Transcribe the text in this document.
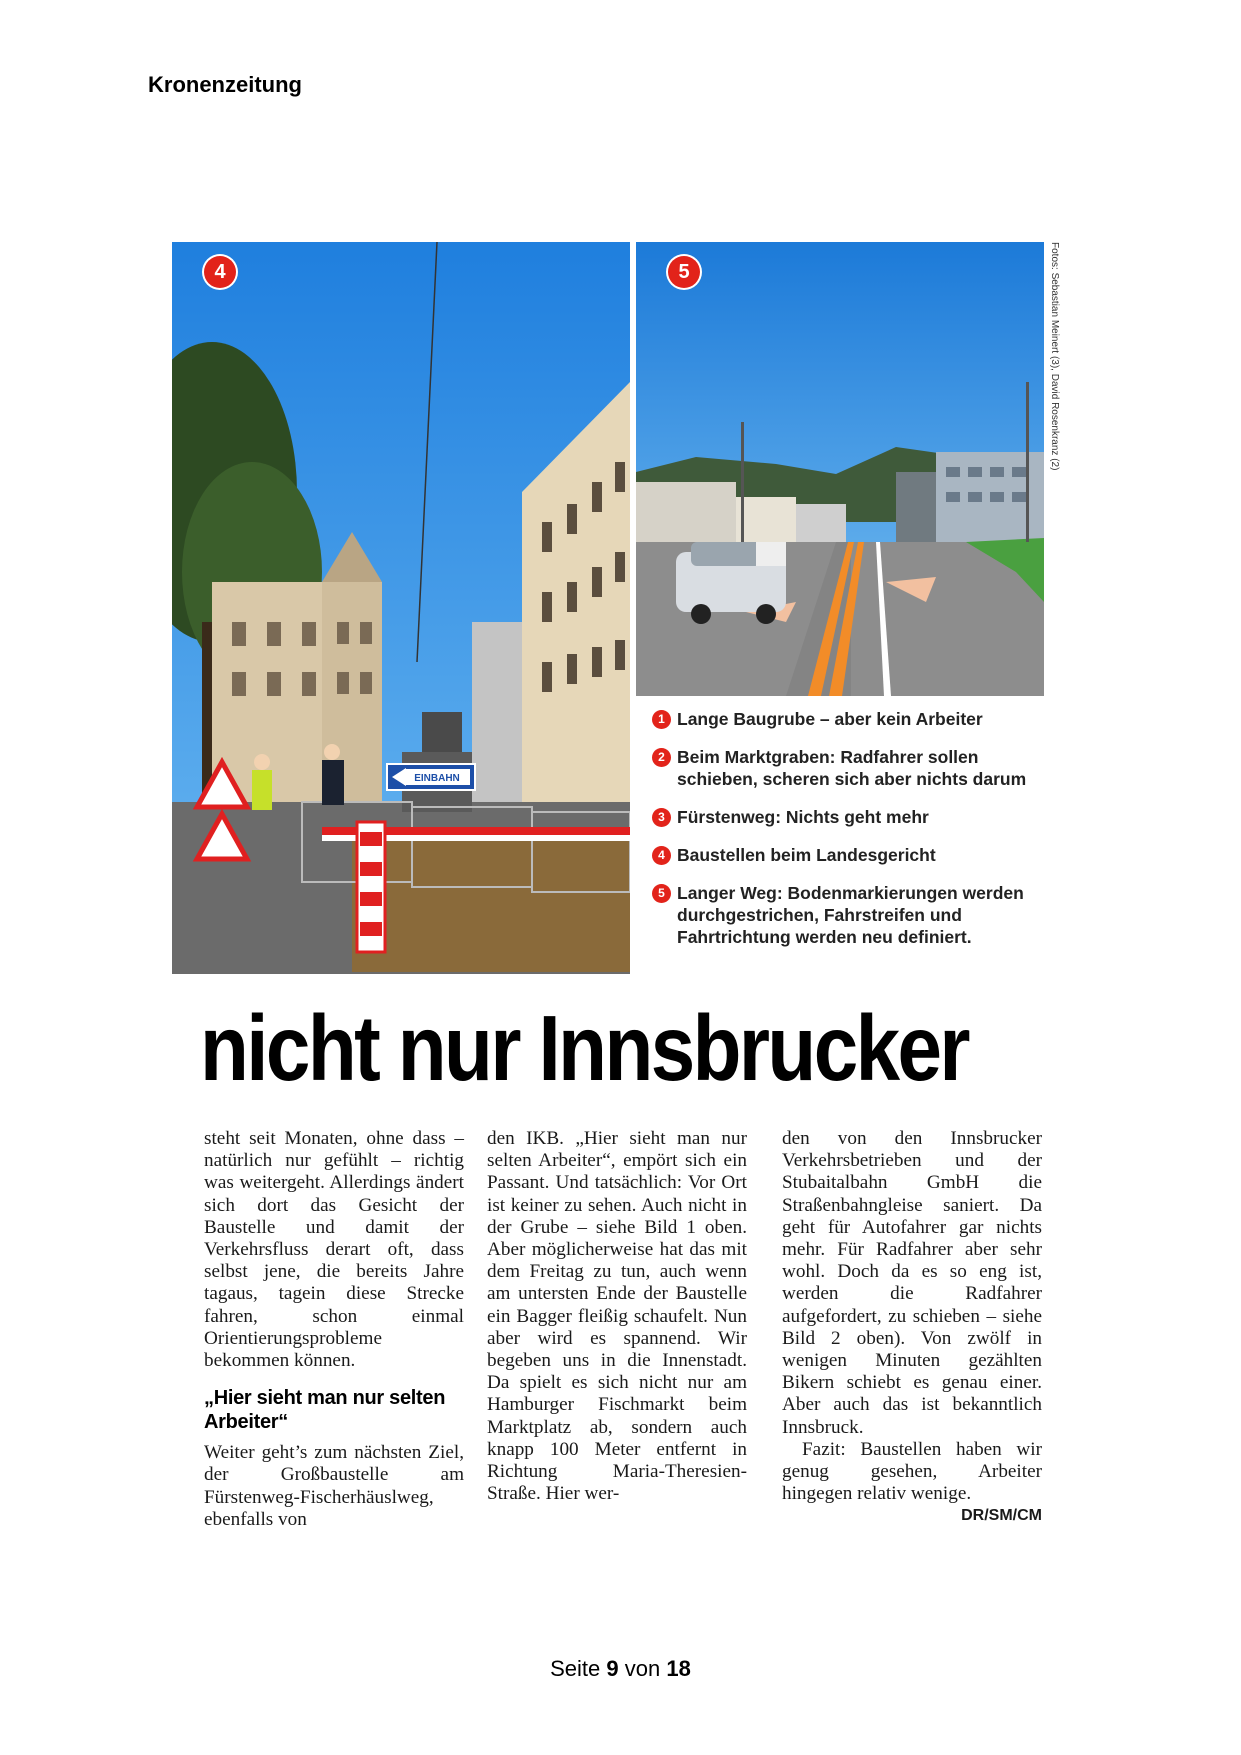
Kronenzeitung
EINBAHN
4	5	Fotos: Sebastian Meinert (3), David Rosenkranz (2)
1 Lange Baugrube – aber kein Arbeiter
2 Beim Marktgraben: Radfahrer sollen schieben, scheren sich aber nichts darum
3 Fürstenweg: Nichts geht mehr
4 Baustellen beim Landesgericht
5 Langer Weg: Bodenmarkierungen werden durchgestrichen, Fahrstreifen und Fahrtrichtung werden neu definiert.
nicht nur Innsbrucker

steht seit Monaten, ohne dass – natürlich nur gefühlt – richtig was weitergeht. Allerdings ändert sich dort das Gesicht der Baustelle und damit der Verkehrsfluss derart oft, dass selbst jene, die bereits Jahre tagaus, tagein diese Strecke fahren, schon einmal Orientierungsprobleme bekommen können.

„Hier sieht man nur selten Arbeiter“

Weiter geht’s zum nächsten Ziel, der Großbaustelle am Fürstenweg-Fischerhäuslweg, ebenfalls von

den IKB. „Hier sieht man nur selten Arbeiter“, empört sich ein Passant. Und tatsächlich: Vor Ort ist keiner zu sehen. Auch nicht in der Grube – siehe Bild 1 oben. Aber möglicherweise hat das mit dem Freitag zu tun, auch wenn am untersten Ende der Baustelle ein Bagger fleißig schaufelt. Nun aber wird es spannend. Wir begeben uns in die Innenstadt. Da spielt es sich nicht nur am Hamburger Fischmarkt beim Marktplatz ab, sondern auch knapp 100 Meter entfernt in Richtung Maria-Theresien-Straße. Hier wer-

den von den Innsbrucker Verkehrsbetrieben und der Stubaitalbahn GmbH die Straßenbahngleise saniert. Da geht für Autofahrer gar nichts mehr. Für Radfahrer aber sehr wohl. Doch da es so eng ist, werden die Radfahrer aufgefordert, zu schieben – siehe Bild 2 oben). Von zwölf in wenigen Minuten gezählten Bikern schiebt es genau einer. Aber auch das ist bekanntlich Innsbruck.

Fazit: Baustellen haben wir genug gesehen, Arbeiter hingegen relativ wenige.

DR/SM/CM
Seite 9 von 18
